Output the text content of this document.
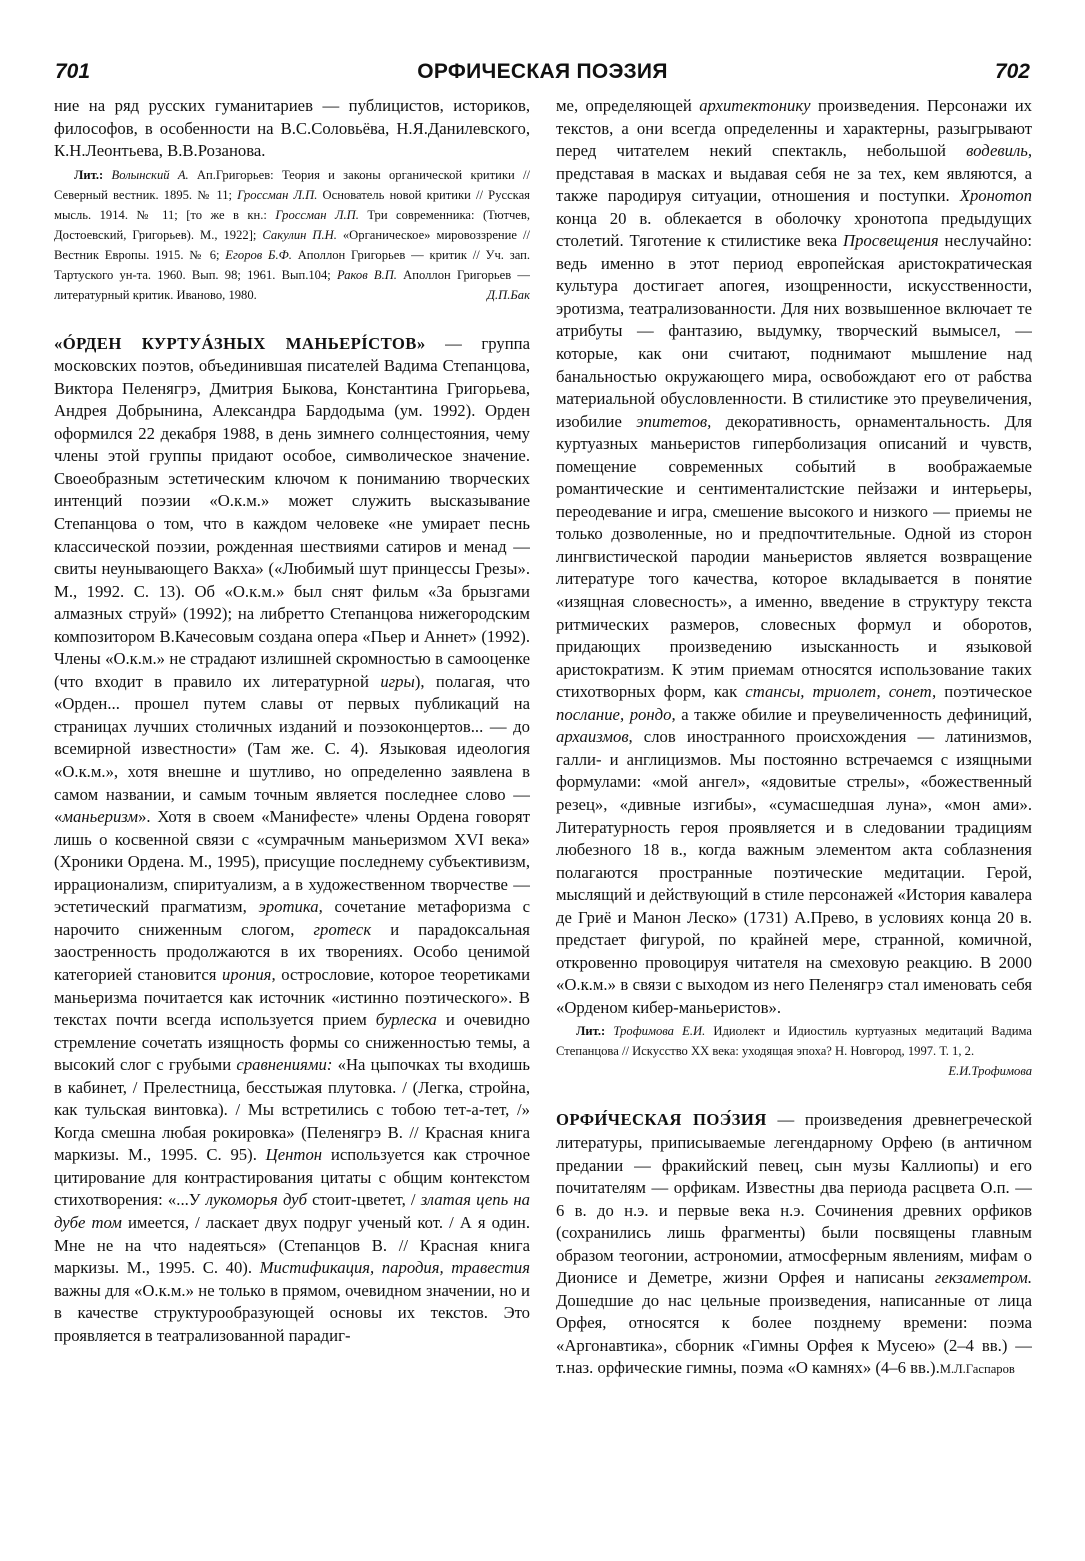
701	ОРФИЧЕСКАЯ ПОЭЗИЯ	702

ние на ряд русских гуманитариев — публицистов, историков, философов, в особенности на В.С.Соловьёва, Н.Я.Данилевского, К.Н.Леонтьева, В.В.Розанова.

Лит.: Волынский А. Ап.Григорьев: Теория и законы органической критики // Северный вестник. 1895. № 11; Гроссман Л.П. Основатель новой критики // Русская мысль. 1914. № 11; [то же в кн.: Гроссман Л.П. Три современника: (Тютчев, Достоевский, Григорьев). М., 1922]; Сакулин П.Н. «Органическое» мировоззрение // Вестник Европы. 1915. № 6; Егоров Б.Ф. Аполлон Григорьев — критик // Уч. зап. Тартуского ун-та. 1960. Вып. 98; 1961. Вып.104; Раков В.П. Аполлон Григорьев — литературный критик. Иваново, 1980.	Д.П.Бак

«ÓРДЕН КУРТУÁЗНЫХ МАНЬЕРÍСТОВ» — группа московских поэтов, объединившая писателей Вадима Степанцова, Виктора Пеленягрэ, Дмитрия Быкова, Константина Григорьева, Андрея Добрынина, Александра Бардодыма (ум. 1992). Орден оформился 22 декабря 1988, в день зимнего солнцестояния, чему члены этой группы придают особое, символическое значение. Своеобразным эстетическим ключом к пониманию творческих интенций поэзии «О.к.м.» может служить высказывание Степанцова о том, что в каждом человеке «не умирает песнь классической поэзии, рожденная шествиями сатиров и менад — свиты неунывающего Вакха» («Любимый шут принцессы Грезы». М., 1992. С. 13). Об «О.к.м.» был снят фильм «За брызгами алмазных струй» (1992); на либретто Степанцова нижегородским композитором В.Качесовым создана опера «Пьер и Аннет» (1992). Члены «О.к.м.» не страдают излишней скромностью в самооценке (что входит в правило их литературной игры), полагая, что «Орден... прошел путем славы от первых публикаций на страницах лучших столичных изданий и поэзоконцертов... — до всемирной известности» (Там же. С. 4). Языковая идеология «О.к.м.», хотя внешне и шутливо, но определенно заявлена в самом названии, и самым точным является последнее слово — «маньеризм». Хотя в своем «Манифесте» члены Ордена говорят лишь о косвенной связи с «сумрачным маньеризмом XVI века» (Хроники Ордена. М., 1995), присущие последнему субъективизм, иррационализм, спиритуализм, а в художественном творчестве — эстетический прагматизм, эротика, сочетание метафоризма с нарочито сниженным слогом, гротеск и парадоксальная заостренность продолжаются в их творениях. Особо ценимой категорией становится ирония, остроcловие, которое теоретиками маньеризма почитается как источник «истинно поэтического». В текстах почти всегда используется прием бурлеска и очевидно стремление сочетать изящность формы со сниженностью темы, а высокий слог с грубыми сравнениями: «На цыпочках ты входишь в кабинет, / Прелестница, бесстыжая плутовка. / (Легка, стройна, как тульская винтовка). / Мы встретились с тобою тет-а-тет, /» Когда смешна любая рокировка» (Пеленягрэ В. // Красная книга маркизы. М., 1995. С. 95). Центон используется как строчное цитирование для контрастирования цитаты с общим контекстом стихотворения: «...У лукоморья дуб стоит-цветет, / златая цепь на дубе том имеется, / ласкает двух подруг ученый кот. / А я один. Мне не на что надеяться» (Степанцов В. // Красная книга маркизы. М., 1995. С. 40). Мистификация, пародия, травестия важны для «О.к.м.» не только в прямом, очевидном значении, но и в качестве структурообразующей основы их текстов. Это проявляется в театрализованной парадиг-

ме, определяющей архитектонику произведения. Персонажи их текстов, а они всегда определенны и характерны, разыгрывают перед читателем некий спектакль, небольшой водевиль, представая в масках и выдавая себя не за тех, кем являются, а также пародируя ситуации, отношения и поступки. Хронотоп конца 20 в. облекается в оболочку хронотопа предыдущих столетий. Тяготение к стилистике века Просвещения неслучайно: ведь именно в этот период европейская аристократическая культура достигает апогея, изощренности, искусственности, эротизма, театрализованности. Для них возвышенное включает те атрибуты — фантазию, выдумку, творческий вымысел, — которые, как они считают, поднимают мышление над банальностью окружающего мира, освобождают его от рабства материальной обусловленности. В стилистике это преувеличения, изобилие эпитетов, декоративность, орнаментальность. Для куртуазных маньеристов гиперболизация описаний и чувств, помещение современных событий в воображаемые романтические и сентименталистские пейзажи и интерьеры, переодевание и игра, смешение высокого и низкого — приемы не только дозволенные, но и предпочтительные. Одной из сторон лингвистической пародии маньеристов является возвращение литературе того качества, которое вкладывается в понятие «изящная словесность», а именно, введение в структуру текста ритмических размеров, словесных формул и оборотов, придающих произведению изысканность и языковой аристократизм. К этим приемам относятся использование таких стихотворных форм, как стансы, триолет, сонет, поэтическое послание, рондо, а также обилие и преувеличенность дефиниций, архаизмов, слов иностранного происхождения — латинизмов, галли- и англицизмов. Мы постоянно встречаемся с изящными формулами: «мой ангел», «ядовитые стрелы», «божественный резец», «дивные изгибы», «сумасшедшая луна», «мон ами». Литературность героя проявляется и в следовании традициям любезного 18 в., когда важным элементом акта соблазнения полагаются пространные поэтические медитации. Герой, мыслящий и действующий в стиле персонажей «История кавалера де Гриё и Манон Леско» (1731) А.Прево, в условиях конца 20 в. предстает фигурой, по крайней мере, странной, комичной, откровенно провоцируя читателя на смеховую реакцию. В 2000 «О.к.м.» в связи с выходом из него Пеленягрэ стал именовать себя «Орденом кибер-маньеристов».

Лит.: Трофимова Е.И. Идиолект и Идиостиль куртуазных медитаций Вадима Степанцова // Искусство XX века: уходящая эпоха? Н. Новгород, 1997. Т. 1, 2.
Е.И.Трофимова

ОРФИ́ЧЕСКАЯ ПОЭ́ЗИЯ — произведения древнегреческой литературы, приписываемые легендарному Орфею (в античном предании — фракийский певец, сын музы Каллиопы) и его почитателям — орфикам. Известны два периода расцвета О.п. — 6 в. до н.э. и первые века н.э. Сочинения древних орфиков (сохранились лишь фрагменты) были посвящены главным образом теогонии, астрономии, атмосферным явлениям, мифам о Дионисе и Деметре, жизни Орфея и написаны гекзаметром. Дошедшие до нас цельные произведения, написанные от лица Орфея, относятся к более позднему времени: поэма «Аргонавтика», сборник «Гимны Орфея к Мусею» (2–4 вв.) — т.наз. орфические гимны, поэма «О камнях» (4–6 вв.).М.Л.Гаспаров
